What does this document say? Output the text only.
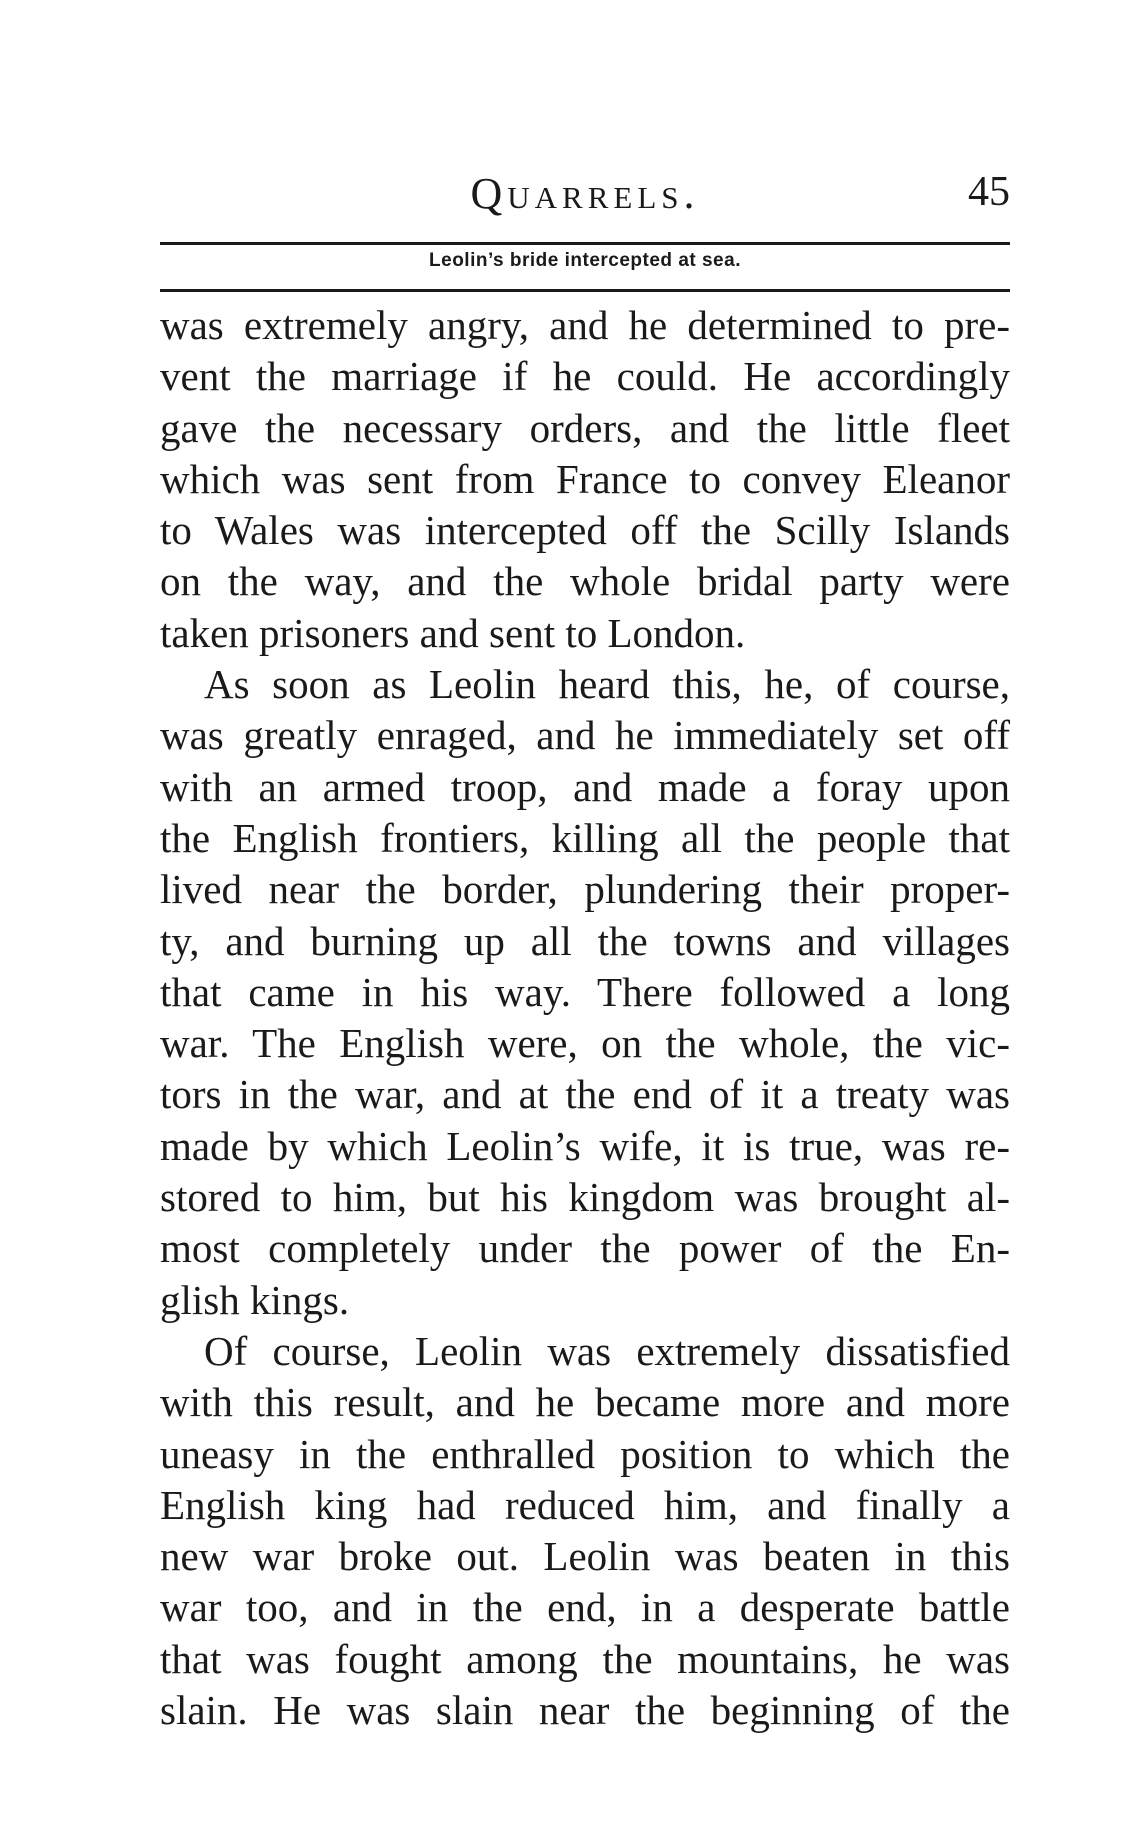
Quarrels.	45
Leolin’s bride intercepted at sea.
was extremely angry, and he determined to pre-
vent the marriage if he could. He accordingly
gave the necessary orders, and the little fleet
which was sent from France to convey Eleanor
to Wales was intercepted off the Scilly Islands
on the way, and the whole bridal party were
taken prisoners and sent to London.
As soon as Leolin heard this, he, of course,
was greatly enraged, and he immediately set off
with an armed troop, and made a foray upon
the English frontiers, killing all the people that
lived near the border, plundering their proper-
ty, and burning up all the towns and villages
that came in his way. There followed a long
war. The English were, on the whole, the vic-
tors in the war, and at the end of it a treaty was
made by which Leolin’s wife, it is true, was re-
stored to him, but his kingdom was brought al-
most completely under the power of the En-
glish kings.
Of course, Leolin was extremely dissatisfied
with this result, and he became more and more
uneasy in the enthralled position to which the
English king had reduced him, and finally a
new war broke out. Leolin was beaten in this
war too, and in the end, in a desperate battle
that was fought among the mountains, he was
slain. He was slain near the beginning of the
